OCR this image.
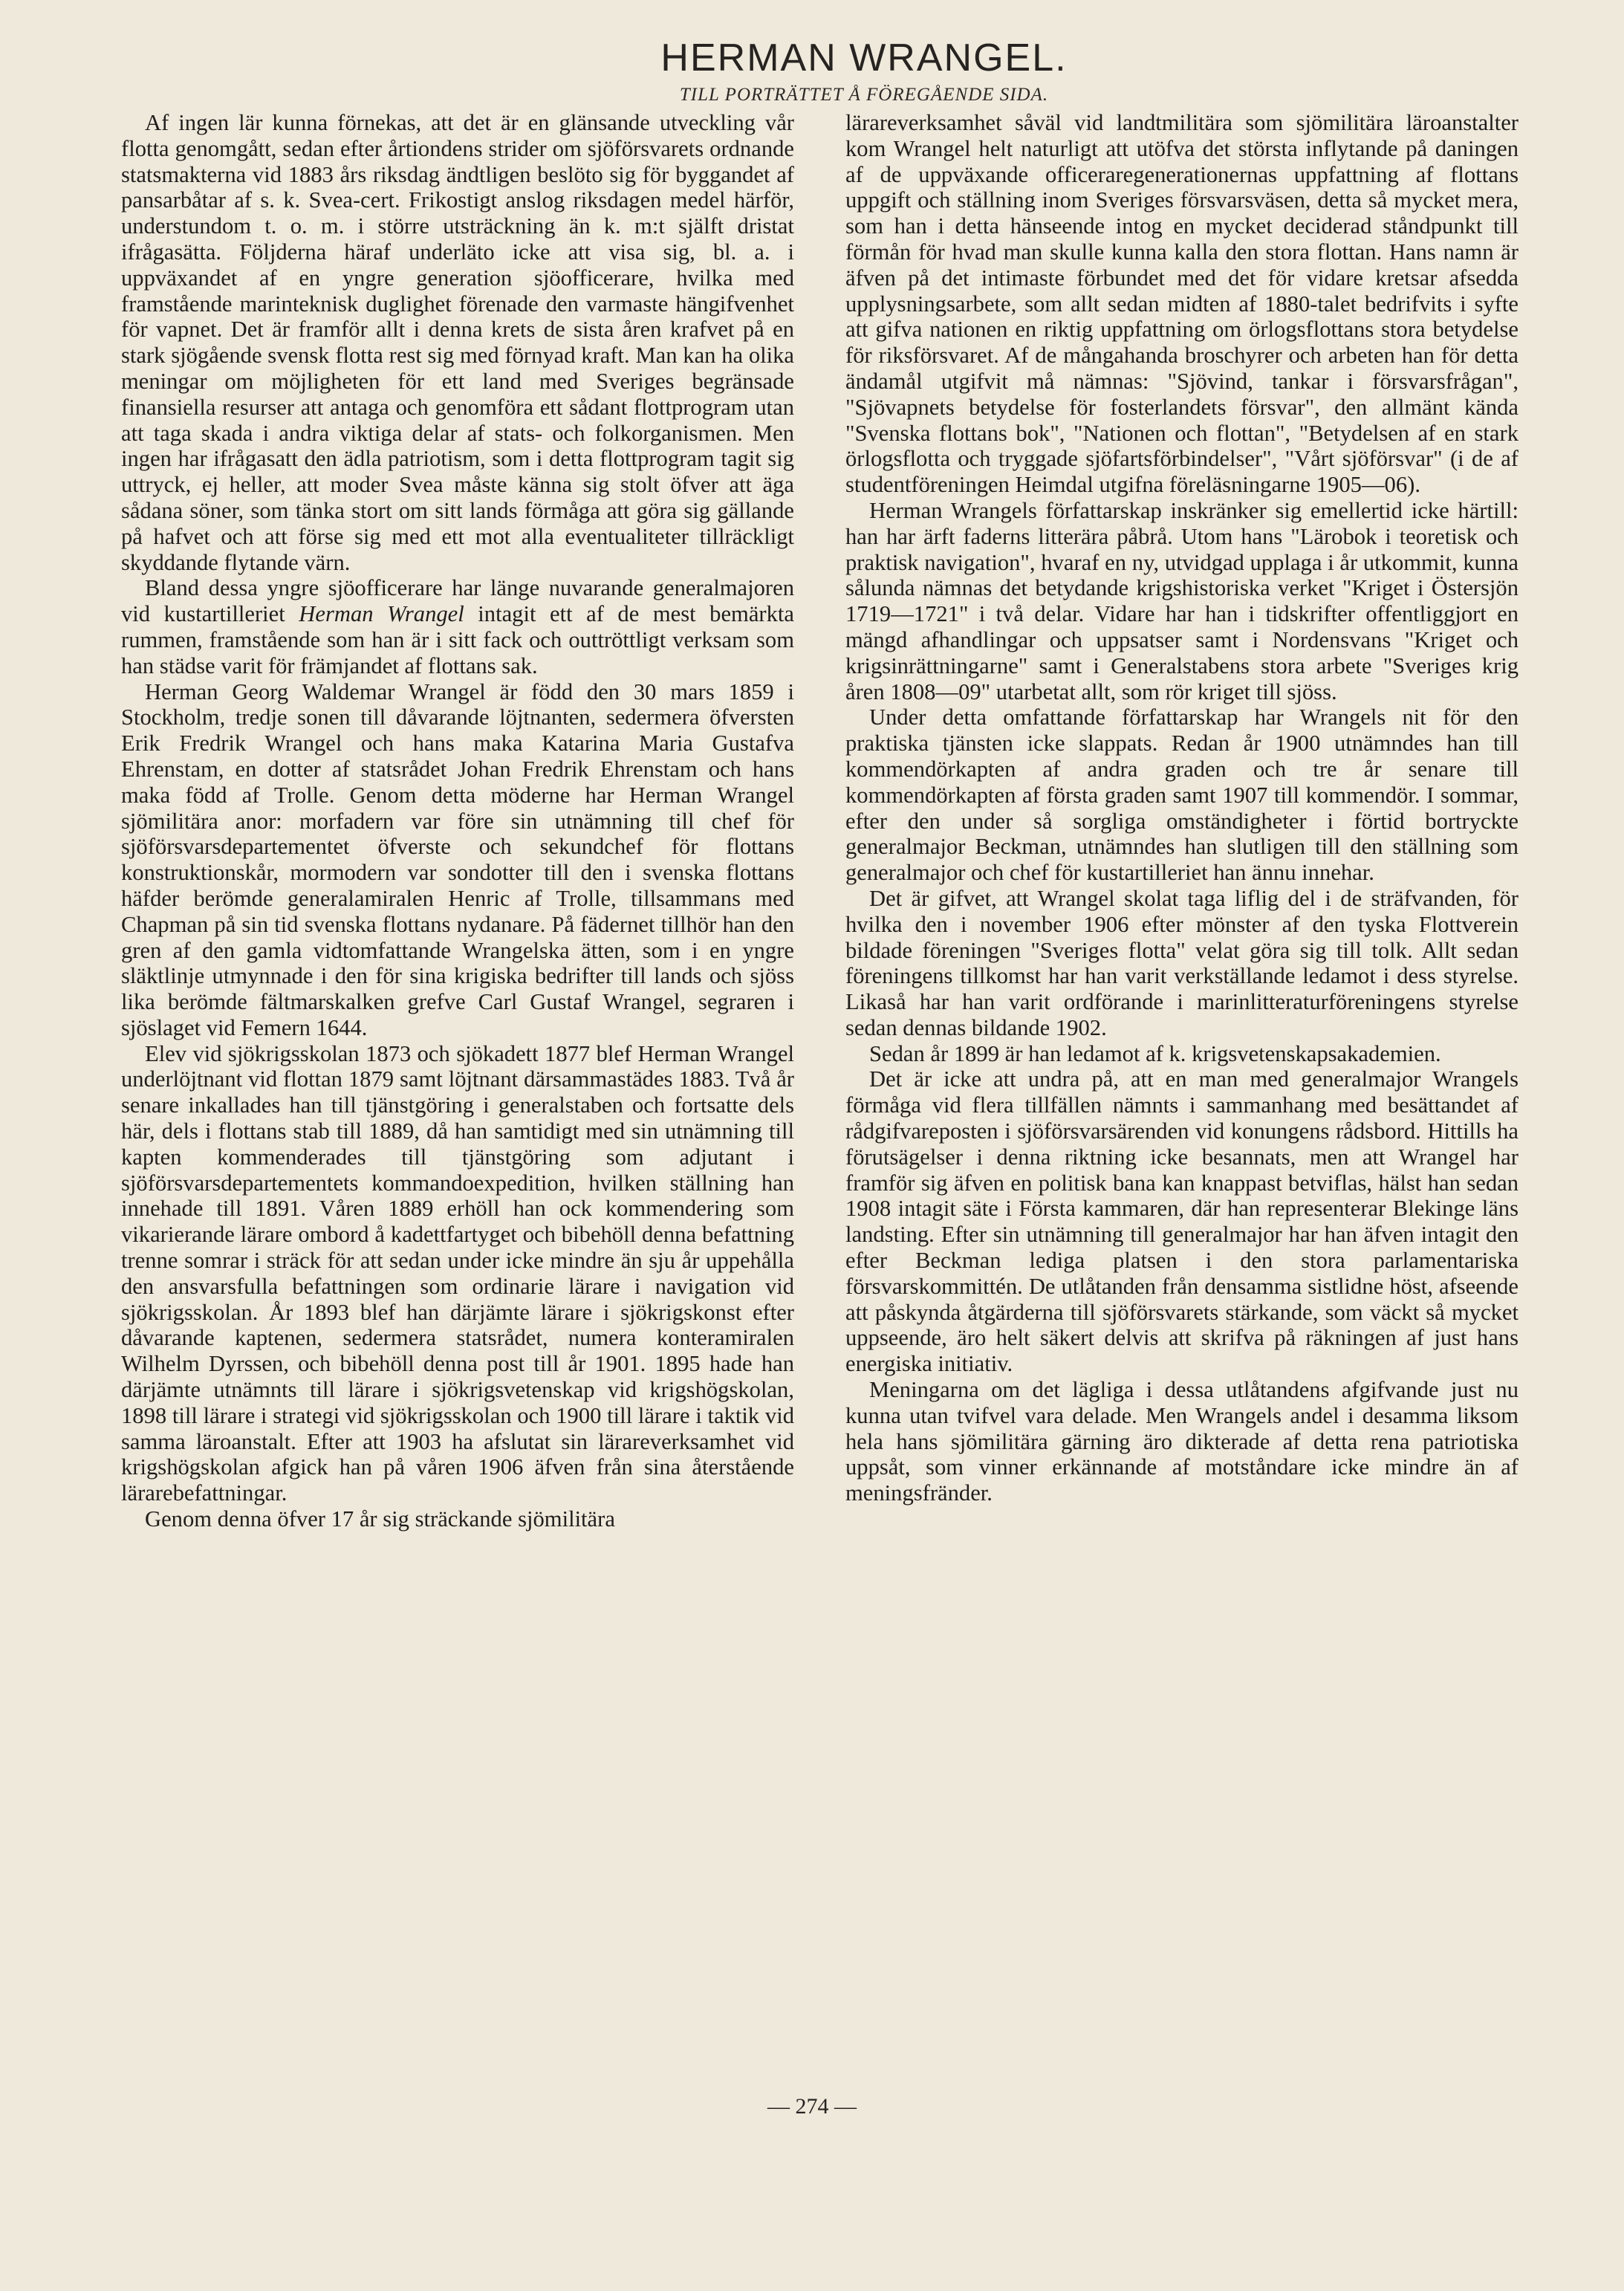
HERMAN WRANGEL.
TILL PORTRÄTTET Å FÖREGÅENDE SIDA.

Af ingen lär kunna förnekas, att det är en glänsande utveckling vår flotta genomgått, sedan efter årtiondens strider om sjöförsvarets ordnande statsmakterna vid 1883 års riksdag ändtligen beslöto sig för byggandet af pansarbåtar af s. k. Svea-cert. Frikostigt anslog riksdagen medel härför, understundom t. o. m. i större utsträckning än k. m:t själft dristat ifrågasätta. Följderna häraf underläto icke att visa sig, bl. a. i uppväxandet af en yngre generation sjöofficerare, hvilka med framstående marinteknisk duglighet förenade den varmaste hängifvenhet för vapnet. Det är framför allt i denna krets de sista åren krafvet på en stark sjögående svensk flotta rest sig med förnyad kraft. Man kan ha olika meningar om möjligheten för ett land med Sveriges begränsade finansiella resurser att antaga och genomföra ett sådant flottprogram utan att taga skada i andra viktiga delar af stats- och folkorganismen. Men ingen har ifrågasatt den ädla patriotism, som i detta flottprogram tagit sig uttryck, ej heller, att moder Svea måste känna sig stolt öfver att äga sådana söner, som tänka stort om sitt lands förmåga att göra sig gällande på hafvet och att förse sig med ett mot alla eventualiteter tillräckligt skyddande flytande värn.

Bland dessa yngre sjöofficerare har länge nuvarande generalmajoren vid kustartilleriet Herman Wrangel intagit ett af de mest bemärkta rummen, framstående som han är i sitt fack och outtröttligt verksam som han städse varit för främjandet af flottans sak.

Herman Georg Waldemar Wrangel är född den 30 mars 1859 i Stockholm, tredje sonen till dåvarande löjtnanten, sedermera öfversten Erik Fredrik Wrangel och hans maka Katarina Maria Gustafva Ehrenstam, en dotter af statsrådet Johan Fredrik Ehrenstam och hans maka född af Trolle. Genom detta möderne har Herman Wrangel sjömilitära anor: morfadern var före sin utnämning till chef för sjöförsvarsdepartementet öfverste och sekundchef för flottans konstruktionskår, mormodern var sondotter till den i svenska flottans häfder berömde generalamiralen Henric af Trolle, tillsammans med Chapman på sin tid svenska flottans nydanare. På fädernet tillhör han den gren af den gamla vidtomfattande Wrangelska ätten, som i en yngre släktlinje utmynnade i den för sina krigiska bedrifter till lands och sjöss lika berömde fältmarskalken grefve Carl Gustaf Wrangel, segraren i sjöslaget vid Femern 1644.

Elev vid sjökrigsskolan 1873 och sjökadett 1877 blef Herman Wrangel underlöjtnant vid flottan 1879 samt löjtnant därsammastädes 1883. Två år senare inkallades han till tjänstgöring i generalstaben och fortsatte dels här, dels i flottans stab till 1889, då han samtidigt med sin utnämning till kapten kommenderades till tjänstgöring som adjutant i sjöförsvarsdepartementets kommandoexpedition, hvilken ställning han innehade till 1891. Våren 1889 erhöll han ock kommendering som vikarierande lärare ombord å kadettfartyget och bibehöll denna befattning trenne somrar i sträck för att sedan under icke mindre än sju år uppehålla den ansvarsfulla befattningen som ordinarie lärare i navigation vid sjökrigsskolan. År 1893 blef han därjämte lärare i sjökrigskonst efter dåvarande kaptenen, sedermera statsrådet, numera konteramiralen Wilhelm Dyrssen, och bibehöll denna post till år 1901. 1895 hade han därjämte utnämnts till lärare i sjökrigsvetenskap vid krigshögskolan, 1898 till lärare i strategi vid sjökrigsskolan och 1900 till lärare i taktik vid samma läroanstalt. Efter att 1903 ha afslutat sin lärareverksamhet vid krigshögskolan afgick han på våren 1906 äfven från sina återstående lärarebefattningar.

Genom denna öfver 17 år sig sträckande sjömilitära

lärareverksamhet såväl vid landtmilitära som sjömilitära läroanstalter kom Wrangel helt naturligt att utöfva det största inflytande på daningen af de uppväxande officeraregenerationernas uppfattning af flottans uppgift och ställning inom Sveriges försvarsväsen, detta så mycket mera, som han i detta hänseende intog en mycket deciderad ståndpunkt till förmån för hvad man skulle kunna kalla den stora flottan. Hans namn är äfven på det intimaste förbundet med det för vidare kretsar afsedda upplysningsarbete, som allt sedan midten af 1880-talet bedrifvits i syfte att gifva nationen en riktig uppfattning om örlogsflottans stora betydelse för riksförsvaret. Af de mångahanda broschyrer och arbeten han för detta ändamål utgifvit må nämnas: "Sjövind, tankar i försvarsfrågan", "Sjövapnets betydelse för fosterlandets försvar", den allmänt kända "Svenska flottans bok", "Nationen och flottan", "Betydelsen af en stark örlogsflotta och tryggade sjöfartsförbindelser", "Vårt sjöförsvar" (i de af studentföreningen Heimdal utgifna föreläsningarne 1905—06).

Herman Wrangels författarskap inskränker sig emellertid icke härtill: han har ärft faderns litterära påbrå. Utom hans "Lärobok i teoretisk och praktisk navigation", hvaraf en ny, utvidgad upplaga i år utkommit, kunna sålunda nämnas det betydande krigshistoriska verket "Kriget i Östersjön 1719—1721" i två delar. Vidare har han i tidskrifter offentliggjort en mängd afhandlingar och uppsatser samt i Nordensvans "Kriget och krigsinrättningarne" samt i Generalstabens stora arbete "Sveriges krig åren 1808—09" utarbetat allt, som rör kriget till sjöss.

Under detta omfattande författarskap har Wrangels nit för den praktiska tjänsten icke slappats. Redan år 1900 utnämndes han till kommendörkapten af andra graden och tre år senare till kommendörkapten af första graden samt 1907 till kommendör. I sommar, efter den under så sorgliga omständigheter i förtid bortryckte generalmajor Beckman, utnämndes han slutligen till den ställning som generalmajor och chef för kustartilleriet han ännu innehar.

Det är gifvet, att Wrangel skolat taga liflig del i de sträfvanden, för hvilka den i november 1906 efter mönster af den tyska Flottverein bildade föreningen "Sveriges flotta" velat göra sig till tolk. Allt sedan föreningens tillkomst har han varit verkställande ledamot i dess styrelse. Likaså har han varit ordförande i marinlitteraturföreningens styrelse sedan dennas bildande 1902.

Sedan år 1899 är han ledamot af k. krigsvetenskapsakademien.

Det är icke att undra på, att en man med generalmajor Wrangels förmåga vid flera tillfällen nämnts i sammanhang med besättandet af rådgifvareposten i sjöförsvarsärenden vid konungens rådsbord. Hittills ha förutsägelser i denna riktning icke besannats, men att Wrangel har framför sig äfven en politisk bana kan knappast betviflas, hälst han sedan 1908 intagit säte i Första kammaren, där han representerar Blekinge läns landsting. Efter sin utnämning till generalmajor har han äfven intagit den efter Beckman lediga platsen i den stora parlamentariska försvarskommittén. De utlåtanden från densamma sistlidne höst, afseende att påskynda åtgärderna till sjöförsvarets stärkande, som väckt så mycket uppseende, äro helt säkert delvis att skrifva på räkningen af just hans energiska initiativ.

Meningarna om det lägliga i dessa utlåtandens afgifvande just nu kunna utan tvifvel vara delade. Men Wrangels andel i desamma liksom hela hans sjömilitära gärning äro dikterade af detta rena patriotiska uppsåt, som vinner erkännande af motståndare icke mindre än af meningsfränder.

— 274 —
